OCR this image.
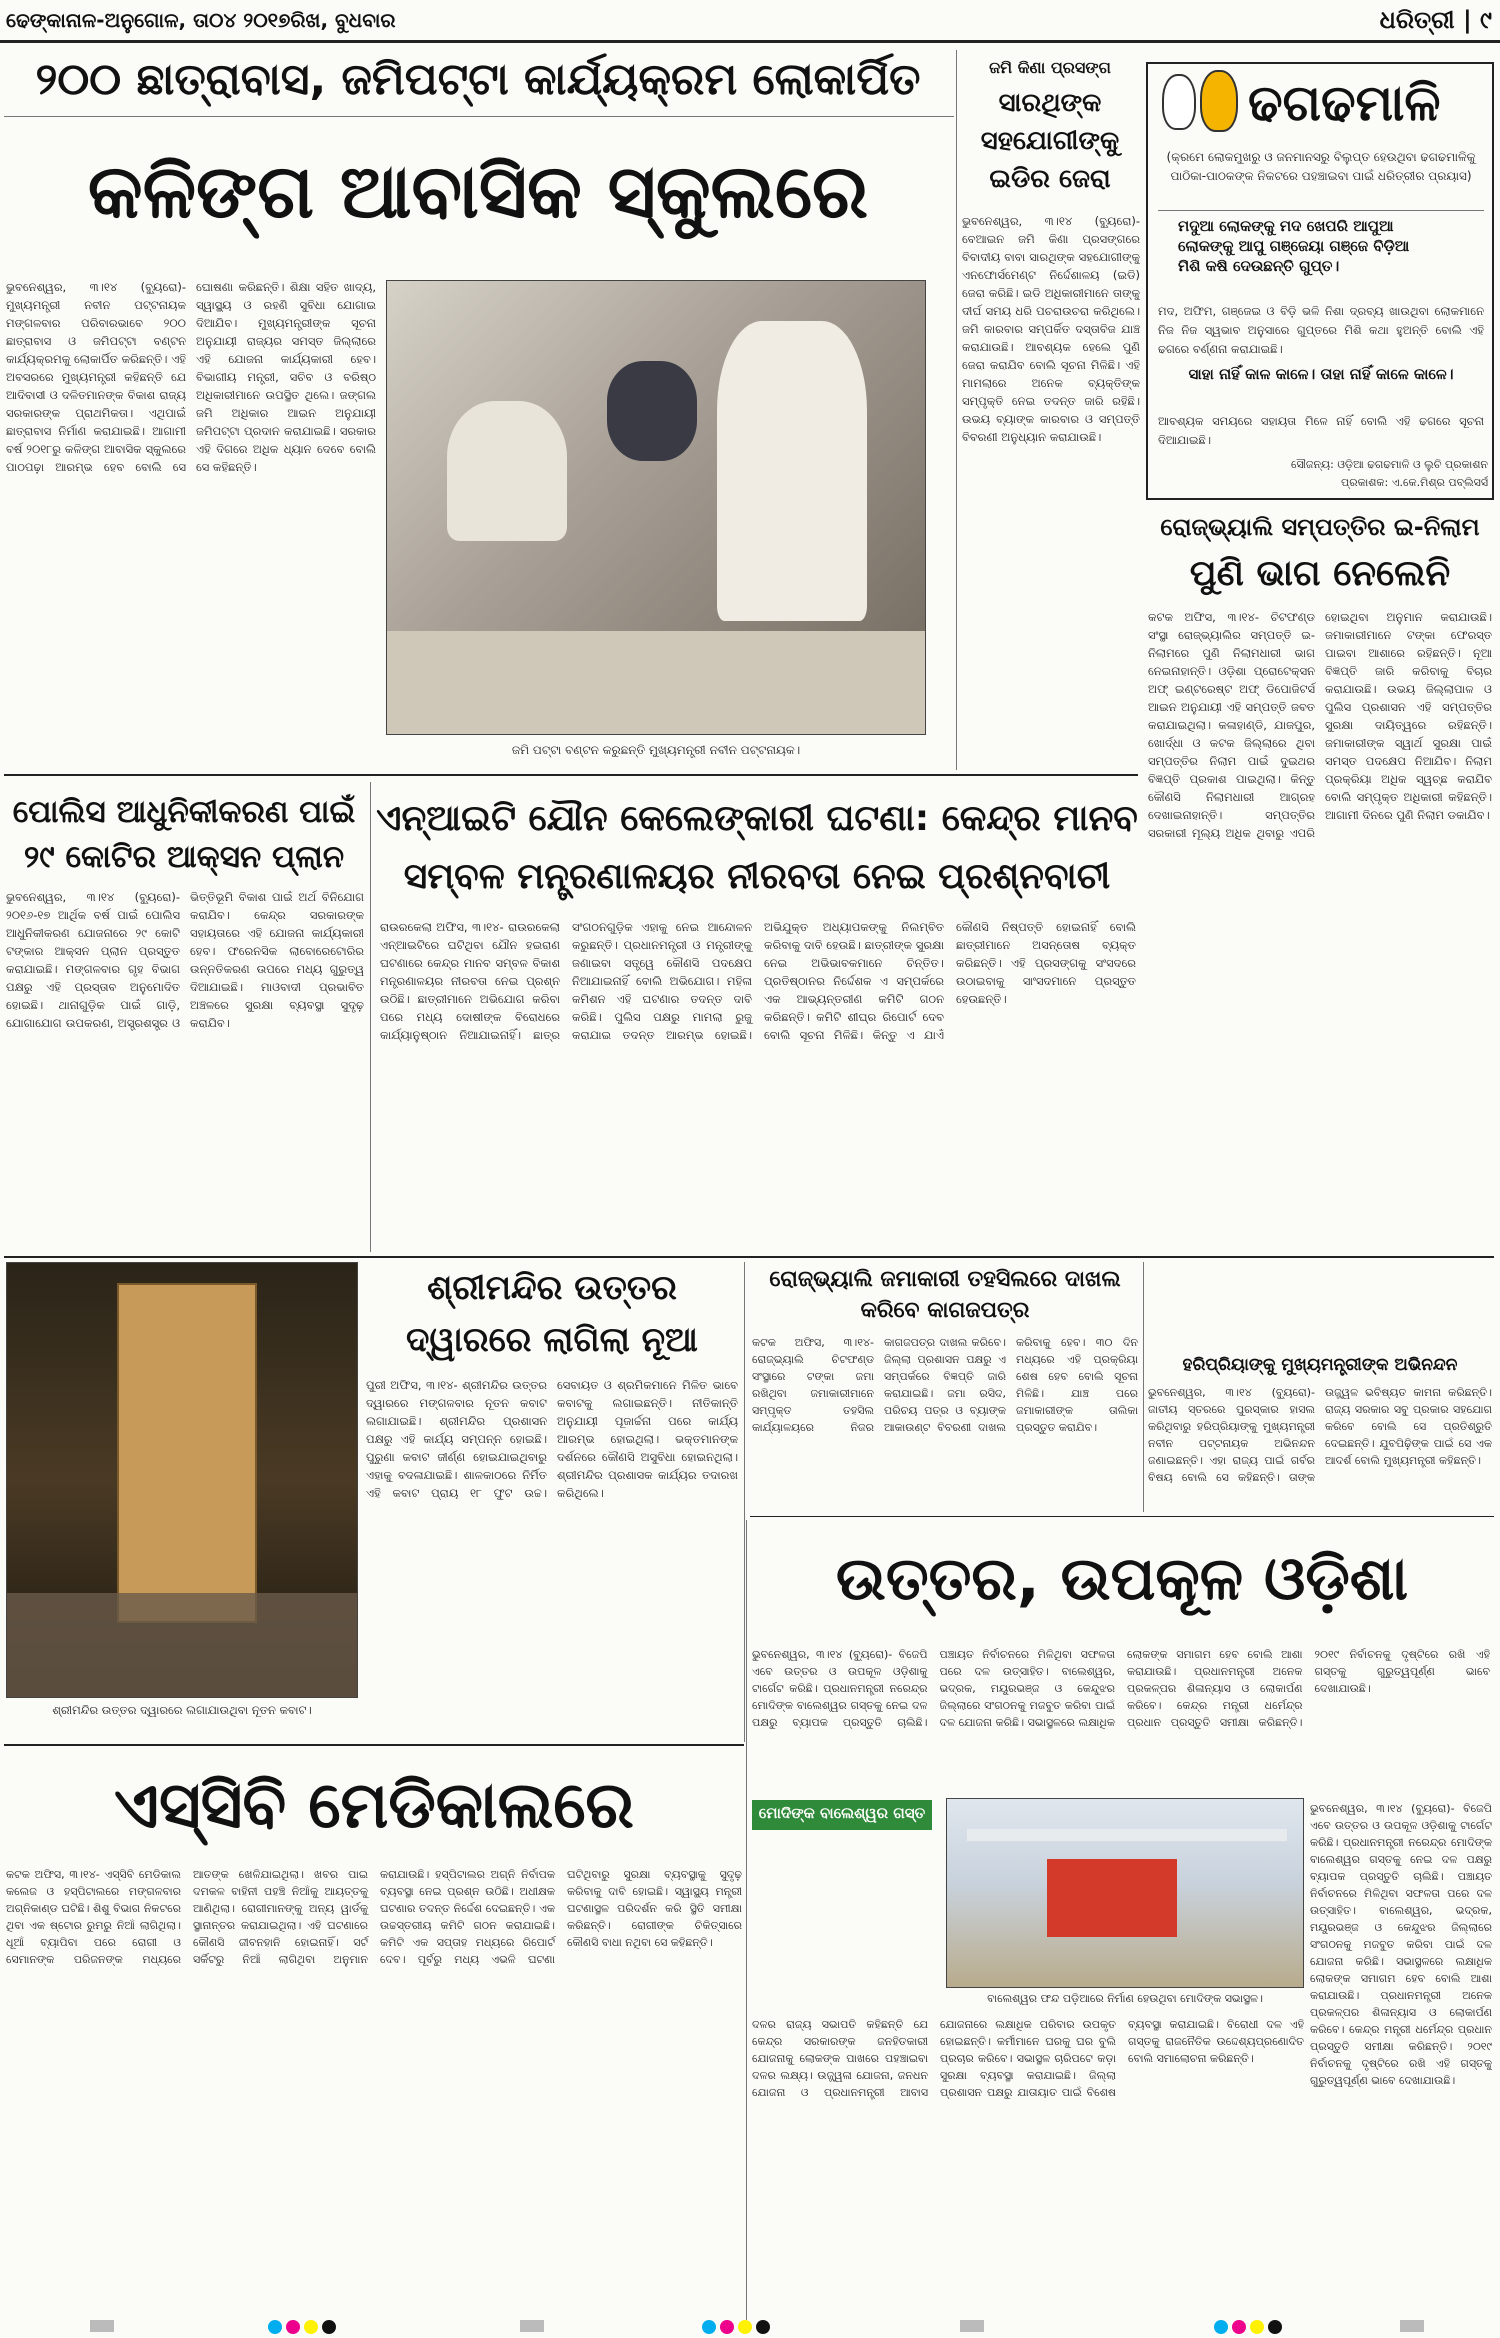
ଢେଙ୍କାନାଳ-ଅନୁଗୋଳ, ତା୦୪ ୨୦୧୭ରିଖ, ବୁଧବାର	ଧରିତ୍ରୀ | ୯
୨୦୦ ଛାତ୍ରାବାସ, ଜମିପଟ୍ଟା କାର୍ଯ୍ୟକ୍ରମ ଲୋକାର୍ପିତ
କଳିଙ୍ଗ ଆବାସିକ ସ୍କୁଲରେ
ଭୁବନେଶ୍ୱର, ୩।୧୪ (ବ୍ୟୁରୋ)- ମୁଖ୍ୟମନ୍ତ୍ରୀ ନବୀନ ପଟ୍ଟନାୟକ ମଙ୍ଗଳବାର ପରିବାରଭାବେ ୨୦୦ ଛାତ୍ରାବାସ ଓ ଜମିପଟ୍ଟା ବଣ୍ଟନ କାର୍ଯ୍ୟକ୍ରମକୁ ଲୋକାର୍ପିତ କରିଛନ୍ତି। ଏହି ଅବସରରେ ମୁଖ୍ୟମନ୍ତ୍ରୀ କହିଛନ୍ତି ଯେ ଆଦିବାସୀ ଓ ଦଳିତମାନଙ୍କ ବିକାଶ ରାଜ୍ୟ ସରକାରଙ୍କ ପ୍ରାଥମିକତା। ଏଥିପାଇଁ ଛାତ୍ରାବାସ ନିର୍ମାଣ କରାଯାଇଛି। ଆଗାମୀ ବର୍ଷ ୨୦୧୮ରୁ କଳିଙ୍ଗ ଆବାସିକ ସ୍କୁଲରେ ପାଠପଢ଼ା ଆରମ୍ଭ ହେବ ବୋଲି ସେ ଘୋଷଣା କରିଛନ୍ତି। ଶିକ୍ଷା ସହିତ ଖାଦ୍ୟ, ସ୍ୱାସ୍ଥ୍ୟ ଓ ରହଣି ସୁବିଧା ଯୋଗାଇ ଦିଆଯିବ। ମୁଖ୍ୟମନ୍ତ୍ରୀଙ୍କ ସୂଚନା ଅନୁଯାୟୀ ରାଜ୍ୟର ସମସ୍ତ ଜିଲ୍ଲାରେ ଏହି ଯୋଜନା କାର୍ଯ୍ୟକାରୀ ହେବ। ବିଭାଗୀୟ ମନ୍ତ୍ରୀ, ସଚିବ ଓ ବରିଷ୍ଠ ଅଧିକାରୀମାନେ ଉପସ୍ଥିତ ଥିଲେ। ଜଙ୍ଗଲ ଜମି ଅଧିକାର ଆଇନ ଅନୁଯାୟୀ ଜମିପଟ୍ଟା ପ୍ରଦାନ କରାଯାଇଛି। ସରକାର ଏହି ଦିଗରେ ଅଧିକ ଧ୍ୟାନ ଦେବେ ବୋଲି ସେ କହିଛନ୍ତି।
ଜମି ପଟ୍ଟା ବଣ୍ଟନ କରୁଛନ୍ତି ମୁଖ୍ୟମନ୍ତ୍ରୀ ନବୀନ ପଟ୍ଟନାୟକ।
ଜମି କିଣା ପ୍ରସଙ୍ଗ
ସାରଥିଙ୍କ ସହଯୋଗୀଙ୍କୁ ଇଡିର ଜେରା
ଭୁବନେଶ୍ୱର, ୩।୧୪ (ବ୍ୟୁରୋ)- ବେଆଇନ ଜମି କିଣା ପ୍ରସଙ୍ଗରେ ବିବାଦୀୟ ବାବା ସାରଥିଙ୍କ ସହଯୋଗୀଙ୍କୁ ଏନଫୋର୍ସମେଣ୍ଟ ନିର୍ଦ୍ଦେଶାଳୟ (ଇଡି) ଜେରା କରିଛି। ଇଡି ଅଧିକାରୀମାନେ ତାଙ୍କୁ ଦୀର୍ଘ ସମୟ ଧରି ପଚରାଉଚରା କରିଥିଲେ। ଜମି କାରବାର ସମ୍ପର୍କିତ ଦସ୍ତାବିଜ ଯାଞ୍ଚ କରାଯାଉଛି। ଆବଶ୍ୟକ ହେଲେ ପୁଣି ଜେରା କରାଯିବ ବୋଲି ସୂଚନା ମିଳିଛି। ଏହି ମାମଲାରେ ଅନେକ ବ୍ୟକ୍ତିଙ୍କ ସମ୍ପୃକ୍ତି ନେଇ ତଦନ୍ତ ଜାରି ରହିଛି। ଉଭୟ ବ୍ୟାଙ୍କ କାରବାର ଓ ସମ୍ପତ୍ତି ବିବରଣୀ ଅନୁଧ୍ୟାନ କରାଯାଉଛି।
ଢଗଢମାଳି
(କ୍ରମେ ଲୋକମୁଖରୁ ଓ ଜନମାନସରୁ ବିଲୁପ୍ତ ହେଉଥିବା ଢଗଢମାଳିକୁ ପାଠିକା-ପାଠକଙ୍କ ନିକଟରେ ପହଞ୍ଚାଇବା ପାଇଁ ଧରିତ୍ରୀର ପ୍ରୟାସ)
ମଦୁଆ ଲୋକଙ୍କୁ ମଦ ଖେପରି ଆପୁଆ ଲୋକଙ୍କୁ ଆପୁ ଗଞ୍ଜେୟା ଗଞ୍ଜେ ବିଡ଼ିଆ ମିଶି କଷି ଦେଉଛନ୍ତି ଗୁପ୍ତ।
ମଦ, ଅଫିମ, ଗଞ୍ଜେଇ ଓ ବିଡ଼ି ଭଳି ନିଶା ଦ୍ରବ୍ୟ ଖାଉଥିବା ଲୋକମାନେ ନିଜ ନିଜ ସ୍ୱଭାବ ଅନୁସାରେ ଗୁପ୍ତରେ ମିଶି କଥା ହୁଅନ୍ତି ବୋଲି ଏହି ଢଗରେ ବର୍ଣ୍ଣନା କରାଯାଇଛି।
ସାହା ନାହିଁ କାଳ କାଳେ। ତାହା ନାହିଁ କାଳେ କାଳେ।
ଆବଶ୍ୟକ ସମୟରେ ସହାୟତା ମିଳେ ନାହିଁ ବୋଲି ଏହି ଢଗରେ ସୂଚନା ଦିଆଯାଇଛି।
ସୌଜନ୍ୟ: ଓଡ଼ିଆ ଢଗଢମାଳି ଓ ଲୁଚି ପ୍ରକାଶନ
ପ୍ରକାଶକ: ଏ.କେ.ମିଶ୍ର ପବ୍ଲିସର୍ସ
ରୋଜ୍‌ଭ୍ୟାଲି ସମ୍ପତ୍ତିର ଇ-ନିଲାମ
ପୁଣି ଭାଗ ନେଲେନି
କଟକ ଅଫିସ, ୩।୧୪- ଚିଟଫଣ୍ଡ ସଂସ୍ଥା ରୋଜ୍‌ଭ୍ୟାଲିର ସମ୍ପତ୍ତି ଇ-ନିଲାମରେ ପୁଣି ନିଲାମଧାରୀ ଭାଗ ନେଇନାହାନ୍ତି। ଓଡ଼ିଶା ପ୍ରୋଟେକ୍ସନ ଅଫ୍ ଇଣ୍ଟରେଷ୍ଟ ଅଫ୍ ଡିପୋଜିଟର୍ସ ଆଇନ ଅନୁଯାୟୀ ଏହି ସମ୍ପତ୍ତି ଜବତ କରାଯାଇଥିଲା। କଳାହାଣ୍ଡି, ଯାଜପୁର, ଖୋର୍ଦ୍ଧା ଓ କଟକ ଜିଲ୍ଲାରେ ଥିବା ସମ୍ପତ୍ତିର ନିଲାମ ପାଇଁ ଦୁଇଥର ବିଜ୍ଞପ୍ତି ପ୍ରକାଶ ପାଇଥିଲା। କିନ୍ତୁ କୌଣସି ନିଲାମଧାରୀ ଆଗ୍ରହ ଦେଖାଇନାହାନ୍ତି। ସମ୍ପତ୍ତିର ସରକାରୀ ମୂଲ୍ୟ ଅଧିକ ଥିବାରୁ ଏପରି ହୋଇଥିବା ଅନୁମାନ କରାଯାଉଛି। ଜମାକାରୀମାନେ ଟଙ୍କା ଫେରସ୍ତ ପାଇବା ଆଶାରେ ରହିଛନ୍ତି। ନୂଆ ବିଜ୍ଞପ୍ତି ଜାରି କରିବାକୁ ବିଚାର କରାଯାଉଛି। ଉଭୟ ଜିଲ୍ଲାପାଳ ଓ ପୁଲିସ ପ୍ରଶାସନ ଏହି ସମ୍ପତ୍ତିର ସୁରକ୍ଷା ଦାୟିତ୍ୱରେ ରହିଛନ୍ତି। ଜମାକାରୀଙ୍କ ସ୍ୱାର୍ଥ ସୁରକ୍ଷା ପାଇଁ ସମସ୍ତ ପଦକ୍ଷେପ ନିଆଯିବ। ନିଲାମ ପ୍ରକ୍ରିୟା ଅଧିକ ସ୍ୱଚ୍ଛ କରାଯିବ ବୋଲି ସମ୍ପୃକ୍ତ ଅଧିକାରୀ କହିଛନ୍ତି। ଆଗାମୀ ଦିନରେ ପୁଣି ନିଲାମ ଡକାଯିବ।
ପୋଲିସ ଆଧୁନିକୀକରଣ ପାଇଁ ୨୯ କୋଟିର ଆକ୍ସନ ପ୍ଲାନ
ଭୁବନେଶ୍ୱର, ୩।୧୪ (ବ୍ୟୁରୋ)- ୨୦୧୬-୧୭ ଆର୍ଥିକ ବର୍ଷ ପାଇଁ ପୋଲିସ ଆଧୁନିକୀକରଣ ଯୋଜନାରେ ୨୯ କୋଟି ଟଙ୍କାର ଆକ୍ସନ ପ୍ଲାନ ପ୍ରସ୍ତୁତ କରାଯାଇଛି। ମଙ୍ଗଳବାର ଗୃହ ବିଭାଗ ପକ୍ଷରୁ ଏହି ପ୍ରସ୍ତାବ ଅନୁମୋଦିତ ହୋଇଛି। ଥାନାଗୁଡ଼ିକ ପାଇଁ ଗାଡ଼ି, ଯୋଗାଯୋଗ ଉପକରଣ, ଅସ୍ତ୍ରଶସ୍ତ୍ର ଓ ଭିତ୍ତିଭୂମି ବିକାଶ ପାଇଁ ଅର୍ଥ ବିନିଯୋଗ କରାଯିବ। କେନ୍ଦ୍ର ସରକାରଙ୍କ ସହାୟତାରେ ଏହି ଯୋଜନା କାର୍ଯ୍ୟକାରୀ ହେବ। ଫରେନସିକ ଲାବୋରେଟୋରିର ଉନ୍ନତିକରଣ ଉପରେ ମଧ୍ୟ ଗୁରୁତ୍ୱ ଦିଆଯାଇଛି। ମାଓବାଦୀ ପ୍ରଭାବିତ ଅଞ୍ଚଳରେ ସୁରକ୍ଷା ବ୍ୟବସ୍ଥା ସୁଦୃଢ଼ କରାଯିବ।
ଏନ୍‌ଆଇଟି ଯୌନ କେଲେଙ୍କାରୀ ଘଟଣା: କେନ୍ଦ୍ର ମାନବ ସମ୍ବଳ ମନ୍ତ୍ରଣାଳୟର ନୀରବତା ନେଇ ପ୍ରଶ୍ନବାଚୀ
ରାଉରକେଲା ଅଫିସ, ୩।୧୪- ରାଉରକେଲା ଏନ୍‌ଆଇଟିରେ ଘଟିଥିବା ଯୌନ ହଇରାଣ ଘଟଣାରେ କେନ୍ଦ୍ର ମାନବ ସମ୍ବଳ ବିକାଶ ମନ୍ତ୍ରଣାଳୟର ନୀରବତା ନେଇ ପ୍ରଶ୍ନ ଉଠିଛି। ଛାତ୍ରୀମାନେ ଅଭିଯୋଗ କରିବା ପରେ ମଧ୍ୟ ଦୋଷୀଙ୍କ ବିରୋଧରେ କାର୍ଯ୍ୟାନୁଷ୍ଠାନ ନିଆଯାଇନାହିଁ। ଛାତ୍ର ସଂଗଠନଗୁଡ଼ିକ ଏହାକୁ ନେଇ ଆନ୍ଦୋଳନ କରୁଛନ୍ତି। ପ୍ରଧାନମନ୍ତ୍ରୀ ଓ ମନ୍ତ୍ରୀଙ୍କୁ ଜଣାଇବା ସତ୍ତ୍ୱେ କୌଣସି ପଦକ୍ଷେପ ନିଆଯାଇନାହିଁ ବୋଲି ଅଭିଯୋଗ। ମହିଳା କମିଶନ ଏହି ଘଟଣାର ତଦନ୍ତ ଦାବି କରିଛି। ପୁଲିସ ପକ୍ଷରୁ ମାମଲା ରୁଜୁ କରାଯାଇ ତଦନ୍ତ ଆରମ୍ଭ ହୋଇଛି। ଅଭିଯୁକ୍ତ ଅଧ୍ୟାପକଙ୍କୁ ନିଲମ୍ବିତ କରିବାକୁ ଦାବି ହେଉଛି। ଛାତ୍ରୀଙ୍କ ସୁରକ୍ଷା ନେଇ ଅଭିଭାବକମାନେ ଚିନ୍ତିତ। ପ୍ରତିଷ୍ଠାନର ନିର୍ଦ୍ଦେଶକ ଏ ସମ୍ପର୍କରେ ଏକ ଆଭ୍ୟନ୍ତରୀଣ କମିଟି ଗଠନ କରିଛନ୍ତି। କମିଟି ଶୀଘ୍ର ରିପୋର୍ଟ ଦେବ ବୋଲି ସୂଚନା ମିଳିଛି। କିନ୍ତୁ ଏ ଯାଏଁ କୌଣସି ନିଷ୍ପତ୍ତି ହୋଇନାହିଁ ବୋଲି ଛାତ୍ରୀମାନେ ଅସନ୍ତୋଷ ବ୍ୟକ୍ତ କରିଛନ୍ତି। ଏହି ପ୍ରସଙ୍ଗକୁ ସଂସଦରେ ଉଠାଇବାକୁ ସାଂସଦମାନେ ପ୍ରସ୍ତୁତ ହେଉଛନ୍ତି।
ଶ୍ରୀମନ୍ଦିର ଉତ୍ତର ଦ୍ୱାରରେ ଲଗାଯାଉଥିବା ନୂତନ କବାଟ।
ଶ୍ରୀମନ୍ଦିର ଉତ୍ତର ଦ୍ୱାରରେ ଲାଗିଲା ନୂଆ
ପୁରୀ ଅଫିସ, ୩।୧୪- ଶ୍ରୀମନ୍ଦିର ଉତ୍ତର ଦ୍ୱାରରେ ମଙ୍ଗଳବାର ନୂତନ କବାଟ ଲଗାଯାଇଛି। ଶ୍ରୀମନ୍ଦିର ପ୍ରଶାସନ ପକ୍ଷରୁ ଏହି କାର୍ଯ୍ୟ ସମ୍ପନ୍ନ ହୋଇଛି। ପୁରୁଣା କବାଟ ଜୀର୍ଣ୍ଣ ହୋଇଯାଇଥିବାରୁ ଏହାକୁ ବଦଳାଯାଇଛି। ଶାଳକାଠରେ ନିର୍ମିତ ଏହି କବାଟ ପ୍ରାୟ ୧୮ ଫୁଟ ଉଚ୍ଚ। ସେବାୟତ ଓ ଶ୍ରମିକମାନେ ମିଳିତ ଭାବେ କବାଟକୁ ଲଗାଇଛନ୍ତି। ନୀତିକାନ୍ତି ଅନୁଯାୟୀ ପୂଜାର୍ଚ୍ଚନା ପରେ କାର୍ଯ୍ୟ ଆରମ୍ଭ ହୋଇଥିଲା। ଭକ୍ତମାନଙ୍କ ଦର୍ଶନରେ କୌଣସି ଅସୁବିଧା ହୋଇନଥିଲା। ଶ୍ରୀମନ୍ଦିର ପ୍ରଶାସକ କାର୍ଯ୍ୟର ତଦାରଖ କରିଥିଲେ।
ରୋଜ୍‌ଭ୍ୟାଲି ଜମାକାରୀ ତହସିଲରେ ଦାଖଲ କରିବେ କାଗଜପତ୍ର
କଟକ ଅଫିସ, ୩।୧୪- ରୋଜ୍‌ଭ୍ୟାଲି ଚିଟଫଣ୍ଡ ସଂସ୍ଥାରେ ଟଙ୍କା ଜମା ରଖିଥିବା ଜମାକାରୀମାନେ ସମ୍ପୃକ୍ତ ତହସିଲ କାର୍ଯ୍ୟାଳୟରେ ନିଜର କାଗଜପତ୍ର ଦାଖଲ କରିବେ। ଜିଲ୍ଲା ପ୍ରଶାସନ ପକ୍ଷରୁ ଏ ସମ୍ପର୍କରେ ବିଜ୍ଞପ୍ତି ଜାରି କରାଯାଇଛି। ଜମା ରସିଦ, ପରିଚୟ ପତ୍ର ଓ ବ୍ୟାଙ୍କ ଆକାଉଣ୍ଟ ବିବରଣୀ ଦାଖଲ କରିବାକୁ ହେବ। ୩୦ ଦିନ ମଧ୍ୟରେ ଏହି ପ୍ରକ୍ରିୟା ଶେଷ ହେବ ବୋଲି ସୂଚନା ମିଳିଛି। ଯାଞ୍ଚ ପରେ ଜମାକାରୀଙ୍କ ତାଲିକା ପ୍ରସ୍ତୁତ କରାଯିବ।
ହରିପ୍ରିୟାଙ୍କୁ ମୁଖ୍ୟମନ୍ତ୍ରୀଙ୍କ ଅଭିନନ୍ଦନ
ଭୁବନେଶ୍ୱର, ୩।୧୪ (ବ୍ୟୁରୋ)- ଜାତୀୟ ସ୍ତରରେ ପୁରସ୍କାର ହାସଲ କରିଥିବାରୁ ହରିପ୍ରିୟାଙ୍କୁ ମୁଖ୍ୟମନ୍ତ୍ରୀ ନବୀନ ପଟ୍ଟନାୟକ ଅଭିନନ୍ଦନ ଜଣାଇଛନ୍ତି। ଏହା ରାଜ୍ୟ ପାଇଁ ଗର୍ବର ବିଷୟ ବୋଲି ସେ କହିଛନ୍ତି। ତାଙ୍କ ଉଜ୍ଜ୍ୱଳ ଭବିଷ୍ୟତ କାମନା କରିଛନ୍ତି। ରାଜ୍ୟ ସରକାର ସବୁ ପ୍ରକାର ସହଯୋଗ କରିବେ ବୋଲି ସେ ପ୍ରତିଶ୍ରୁତି ଦେଇଛନ୍ତି। ଯୁବପିଢ଼ିଙ୍କ ପାଇଁ ସେ ଏକ ଆଦର୍ଶ ବୋଲି ମୁଖ୍ୟମନ୍ତ୍ରୀ କହିଛନ୍ତି।
ଉତ୍ତର, ଉପକୂଳ ଓଡ଼ିଶା
ଭୁବନେଶ୍ୱର, ୩।୧୪ (ବ୍ୟୁରୋ)- ବିଜେପି ଏବେ ଉତ୍ତର ଓ ଉପକୂଳ ଓଡ଼ିଶାକୁ ଟାର୍ଗେଟ କରିଛି। ପ୍ରଧାନମନ୍ତ୍ରୀ ନରେନ୍ଦ୍ର ମୋଦିଙ୍କ ବାଲେଶ୍ୱର ଗସ୍ତକୁ ନେଇ ଦଳ ପକ୍ଷରୁ ବ୍ୟାପକ ପ୍ରସ୍ତୁତି ଚାଲିଛି। ପଞ୍ଚାୟତ ନିର୍ବାଚନରେ ମିଳିଥିବା ସଫଳତା ପରେ ଦଳ ଉତ୍ସାହିତ। ବାଲେଶ୍ୱର, ଭଦ୍ରକ, ମୟୂରଭଞ୍ଜ ଓ କେନ୍ଦୁଝର ଜିଲ୍ଲାରେ ସଂଗଠନକୁ ମଜବୁତ କରିବା ପାଇଁ ଦଳ ଯୋଜନା କରିଛି। ସଭାସ୍ଥଳରେ ଲକ୍ଷାଧିକ ଲୋକଙ୍କ ସମାଗମ ହେବ ବୋଲି ଆଶା କରାଯାଉଛି। ପ୍ରଧାନମନ୍ତ୍ରୀ ଅନେକ ପ୍ରକଳ୍ପର ଶିଳାନ୍ୟାସ ଓ ଲୋକାର୍ପଣ କରିବେ। କେନ୍ଦ୍ର ମନ୍ତ୍ରୀ ଧର୍ମେନ୍ଦ୍ର ପ୍ରଧାନ ପ୍ରସ୍ତୁତି ସମୀକ୍ଷା କରିଛନ୍ତି। ୨୦୧୯ ନିର୍ବାଚନକୁ ଦୃଷ୍ଟିରେ ରଖି ଏହି ଗସ୍ତକୁ ଗୁରୁତ୍ୱପୂର୍ଣ୍ଣ ଭାବେ ଦେଖାଯାଉଛି।
ମୋଦିଙ୍କ ବାଲେଶ୍ୱର ଗସ୍ତ
ବାଲେଶ୍ୱର ଫନ୍ଦ ପଡ଼ିଆରେ ନିର୍ମାଣ ହେଉଥିବା ମୋଦିଙ୍କ ସଭାସ୍ଥଳ।
ଦଳର ରାଜ୍ୟ ସଭାପତି କହିଛନ୍ତି ଯେ କେନ୍ଦ୍ର ସରକାରଙ୍କ ଜନହିତକାରୀ ଯୋଜନାକୁ ଲୋକଙ୍କ ପାଖରେ ପହଞ୍ଚାଇବା ଦଳର ଲକ୍ଷ୍ୟ। ଉଜ୍ଜ୍ୱଳା ଯୋଜନା, ଜନଧନ ଯୋଜନା ଓ ପ୍ରଧାନମନ୍ତ୍ରୀ ଆବାସ ଯୋଜନାରେ ଲକ୍ଷାଧିକ ପରିବାର ଉପକୃତ ହୋଇଛନ୍ତି। କର୍ମୀମାନେ ଘରକୁ ଘର ବୁଲି ପ୍ରଚାର କରିବେ। ସଭାସ୍ଥଳ ଚାରିପଟେ କଡ଼ା ସୁରକ୍ଷା ବ୍ୟବସ୍ଥା କରାଯାଇଛି। ଜିଲ୍ଲା ପ୍ରଶାସନ ପକ୍ଷରୁ ଯାତାୟାତ ପାଇଁ ବିଶେଷ ବ୍ୟବସ୍ଥା କରାଯାଇଛି। ବିରୋଧୀ ଦଳ ଏହି ଗସ୍ତକୁ ରାଜନୈତିକ ଉଦ୍ଦେଶ୍ୟପ୍ରଣୋଦିତ ବୋଲି ସମାଲୋଚନା କରିଛନ୍ତି।
ଭୁବନେଶ୍ୱର, ୩।୧୪ (ବ୍ୟୁରୋ)- ବିଜେପି ଏବେ ଉତ୍ତର ଓ ଉପକୂଳ ଓଡ଼ିଶାକୁ ଟାର୍ଗେଟ କରିଛି। ପ୍ରଧାନମନ୍ତ୍ରୀ ନରେନ୍ଦ୍ର ମୋଦିଙ୍କ ବାଲେଶ୍ୱର ଗସ୍ତକୁ ନେଇ ଦଳ ପକ୍ଷରୁ ବ୍ୟାପକ ପ୍ରସ୍ତୁତି ଚାଲିଛି। ପଞ୍ଚାୟତ ନିର୍ବାଚନରେ ମିଳିଥିବା ସଫଳତା ପରେ ଦଳ ଉତ୍ସାହିତ। ବାଲେଶ୍ୱର, ଭଦ୍ରକ, ମୟୂରଭଞ୍ଜ ଓ କେନ୍ଦୁଝର ଜିଲ୍ଲାରେ ସଂଗଠନକୁ ମଜବୁତ କରିବା ପାଇଁ ଦଳ ଯୋଜନା କରିଛି। ସଭାସ୍ଥଳରେ ଲକ୍ଷାଧିକ ଲୋକଙ୍କ ସମାଗମ ହେବ ବୋଲି ଆଶା କରାଯାଉଛି। ପ୍ରଧାନମନ୍ତ୍ରୀ ଅନେକ ପ୍ରକଳ୍ପର ଶିଳାନ୍ୟାସ ଓ ଲୋକାର୍ପଣ କରିବେ। କେନ୍ଦ୍ର ମନ୍ତ୍ରୀ ଧର୍ମେନ୍ଦ୍ର ପ୍ରଧାନ ପ୍ରସ୍ତୁତି ସମୀକ୍ଷା କରିଛନ୍ତି। ୨୦୧୯ ନିର୍ବାଚନକୁ ଦୃଷ୍ଟିରେ ରଖି ଏହି ଗସ୍ତକୁ ଗୁରୁତ୍ୱପୂର୍ଣ୍ଣ ଭାବେ ଦେଖାଯାଉଛି।
ଏସ୍‌ସିବି ମେଡିକାଲରେ
କଟକ ଅଫିସ, ୩।୧୪- ଏସ୍‌ସିବି ମେଡିକାଲ କଲେଜ ଓ ହସ୍ପିଟାଲରେ ମଙ୍ଗଳବାର ଅଗ୍ନିକାଣ୍ଡ ଘଟିଛି। ଶିଶୁ ବିଭାଗ ନିକଟରେ ଥିବା ଏକ ଷ୍ଟୋର ରୁମରୁ ନିଆଁ ଲାଗିଥିଲା। ଧୂଆଁ ବ୍ୟାପିବା ପରେ ରୋଗୀ ଓ ସେମାନଙ୍କ ପରିଜନଙ୍କ ମଧ୍ୟରେ ଆତଙ୍କ ଖେଳିଯାଇଥିଲା। ଖବର ପାଇ ଦମକଳ ବାହିନୀ ପହଞ୍ଚି ନିଆଁକୁ ଆୟତ୍ତକୁ ଆଣିଥିଲା। ରୋଗୀମାନଙ୍କୁ ଅନ୍ୟ ୱାର୍ଡକୁ ସ୍ଥାନାନ୍ତର କରାଯାଇଥିଲା। ଏହି ଘଟଣାରେ କୌଣସି ଜୀବନହାନି ହୋଇନାହିଁ। ସର୍ଟ ସର୍କିଟରୁ ନିଆଁ ଲାଗିଥିବା ଅନୁମାନ କରାଯାଉଛି। ହସ୍ପିଟାଲର ଅଗ୍ନି ନିର୍ବାପକ ବ୍ୟବସ୍ଥା ନେଇ ପ୍ରଶ୍ନ ଉଠିଛି। ଅଧୀକ୍ଷକ ଘଟଣାର ତଦନ୍ତ ନିର୍ଦ୍ଦେଶ ଦେଇଛନ୍ତି। ଏକ ଉଚ୍ଚସ୍ତରୀୟ କମିଟି ଗଠନ କରାଯାଇଛି। କମିଟି ଏକ ସପ୍ତାହ ମଧ୍ୟରେ ରିପୋର୍ଟ ଦେବ। ପୂର୍ବରୁ ମଧ୍ୟ ଏଭଳି ଘଟଣା ଘଟିଥିବାରୁ ସୁରକ୍ଷା ବ୍ୟବସ୍ଥାକୁ ସୁଦୃଢ଼ କରିବାକୁ ଦାବି ହୋଇଛି। ସ୍ୱାସ୍ଥ୍ୟ ମନ୍ତ୍ରୀ ଘଟଣାସ୍ଥଳ ପରିଦର୍ଶନ କରି ସ୍ଥିତି ସମୀକ୍ଷା କରିଛନ୍ତି। ରୋଗୀଙ୍କ ଚିକିତ୍ସାରେ କୌଣସି ବାଧା ନଥିବା ସେ କହିଛନ୍ତି।
